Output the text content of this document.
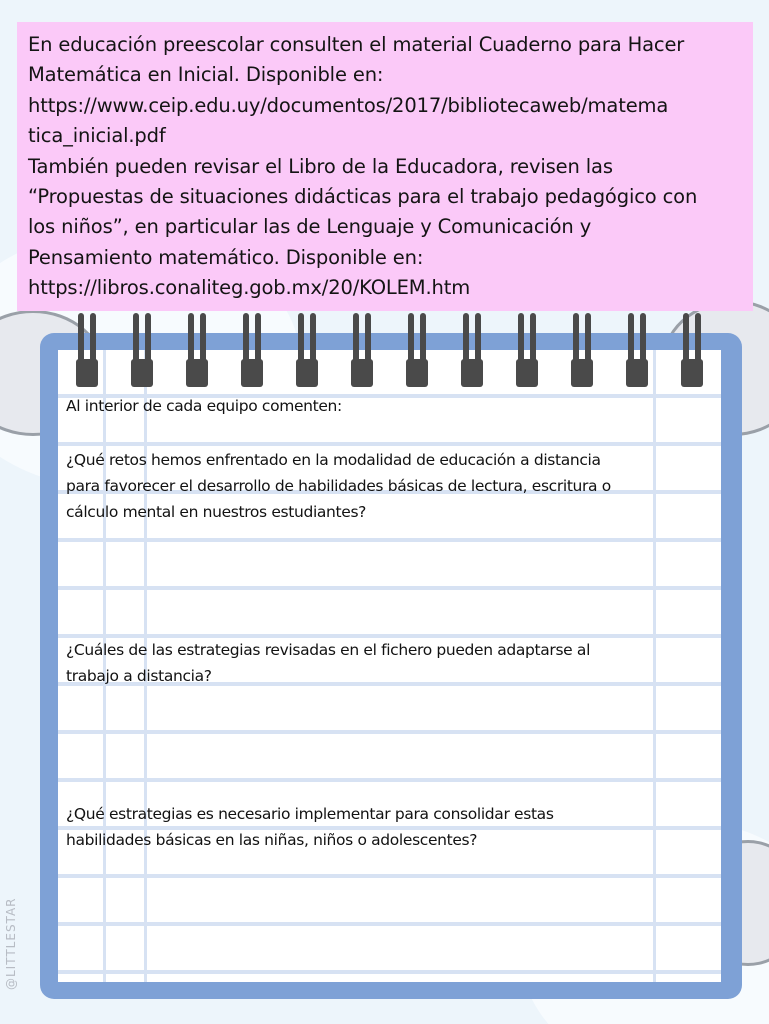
En educación preescolar consulten el material Cuaderno para Hacer
Matemática en Inicial. Disponible en:
https://www.ceip.edu.uy/documentos/2017/bibliotecaweb/matema
tica_inicial.pdf
También pueden revisar el Libro de la Educadora, revisen las
“Propuestas de situaciones didácticas para el trabajo pedagógico con
los niños”, en particular las de Lenguaje y Comunicación y
Pensamiento matemático. Disponible en:
https://libros.conaliteg.gob.mx/20/KOLEM.htm
Al interior de cada equipo comenten:
¿Qué retos hemos enfrentado en la modalidad de educación a distancia
para favorecer el desarrollo de habilidades básicas de lectura, escritura o
cálculo mental en nuestros estudiantes?
¿Cuáles de las estrategias revisadas en el fichero pueden adaptarse al
trabajo a distancia?
¿Qué estrategias es necesario implementar para consolidar estas
habilidades básicas en las niñas, niños o adolescentes?
@LITTLESTAR
